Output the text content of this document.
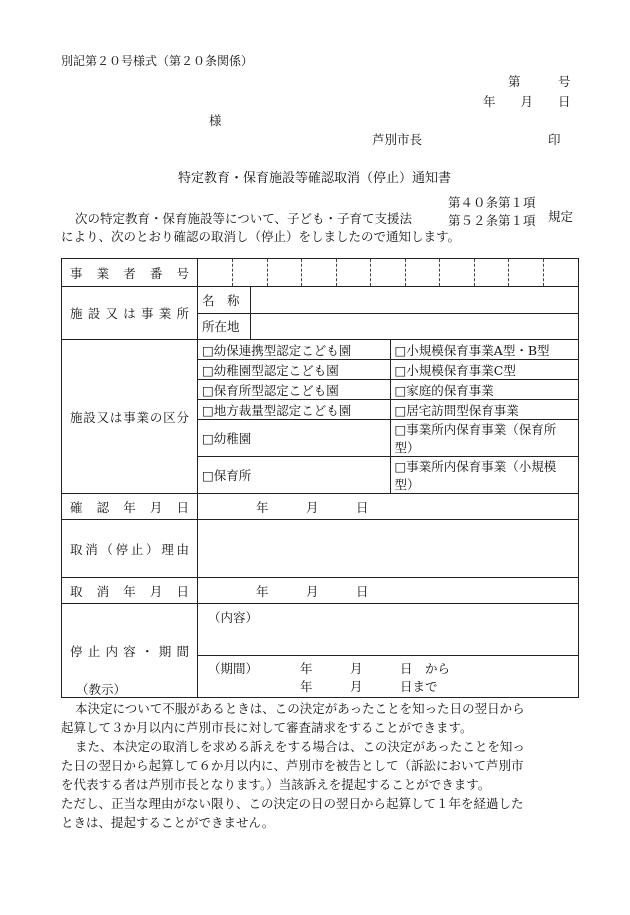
別記第２０号様式（第２０条関係）
第　　　号
年　　月　　日
様
芦別市長	印
特定教育・保育施設等確認取消（停止）通知書
次の特定教育・保育施設等について、子ども・子育て支援法
第４０条第１項
第５２条第１項 規定
により、次のとおり確認の取消し（停止）をしましたので通知します。
事業者番号	

施設又は事業所	
名　称	
所在地	

施設又は事業の区分	
□幼保連携型認定こども園	□小規模保育事業A型・B型
□幼稚園型認定こども園	□小規模保育事業C型
□保育所型認定こども園	□家庭的保育事業
□地方裁量型認定こども園	□居宅訪問型保育事業
□幼稚園	□事業所内保育事業（保育所型）
□保育所	□事業所内保育事業（小規模型）

確認年月日	年　　　月　　　日
取消（停止）理由	
取消年月日	年　　　月　　　日
停止内容・期間	
（内容）
（期間）	年　　　月　　　日　から
年　　　月　　　日まで
（教示）
本決定について不服があるときは、この決定があったことを知った日の翌日から
起算して３か月以内に芦別市長に対して審査請求をすることができます。
また、本決定の取消しを求める訴えをする場合は、この決定があったことを知っ
た日の翌日から起算して６か月以内に、芦別市を被告として（訴訟において芦別市
を代表する者は芦別市長となります。）当該訴えを提起することができます。
ただし、正当な理由がない限り、この決定の日の翌日から起算して１年を経過した
ときは、提起することができません。
